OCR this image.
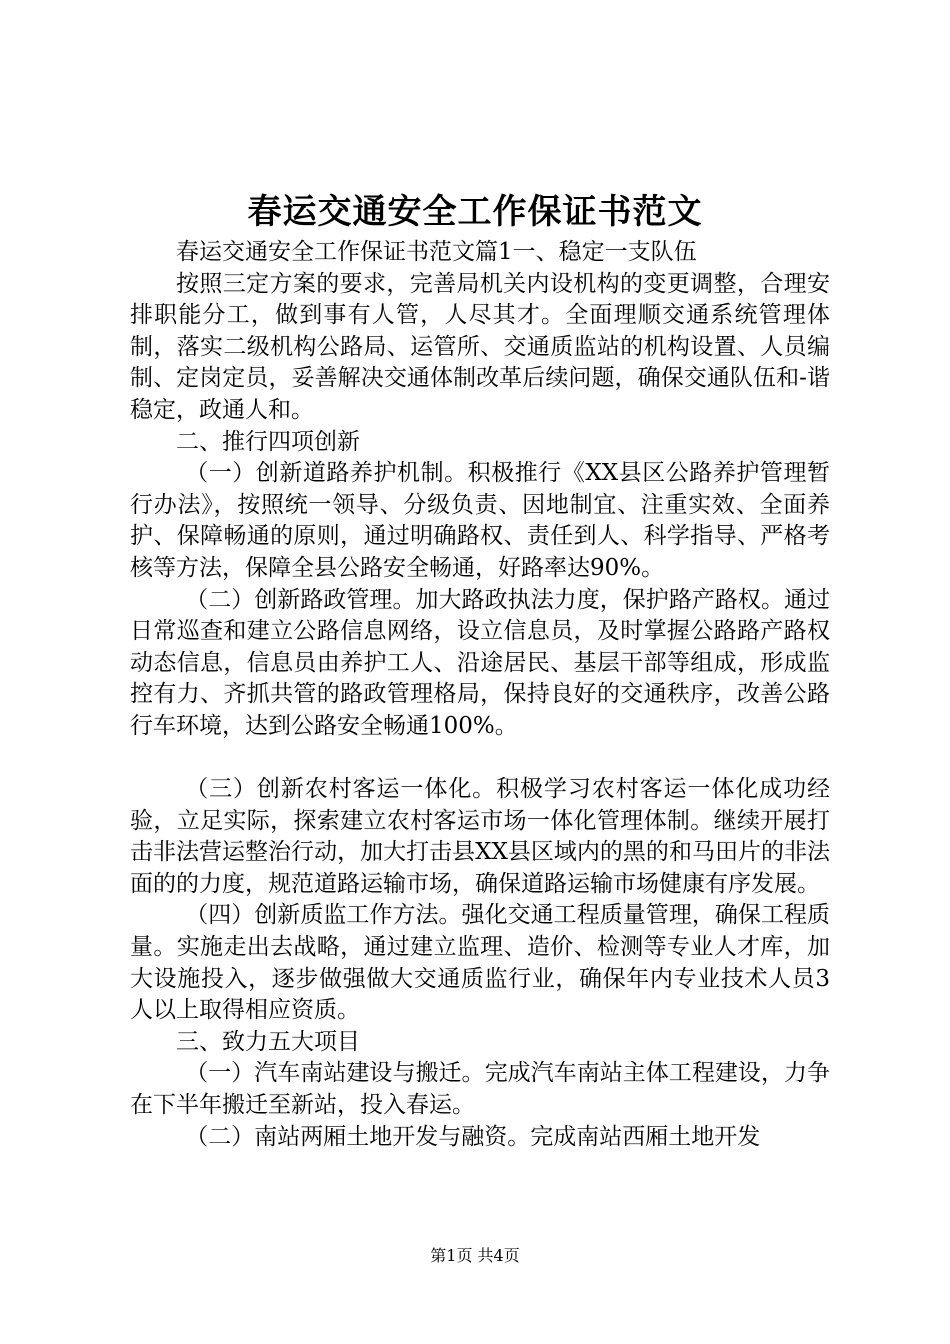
春运交通安全工作保证书范文

春运交通安全工作保证书范文篇1一、稳定一支队伍

按照三定方案的要求，完善局机关内设机构的变更调整，合理安排职能分工，做到事有人管，人尽其才。全面理顺交通系统管理体制，落实二级机构公路局、运管所、交通质监站的机构设置、人员编制、定岗定员，妥善解决交通体制改革后续问题，确保交通队伍和-谐稳定，政通人和。

二、推行四项创新

（一）创新道路养护机制。积极推行《XX县区公路养护管理暂行办法》，按照统一领导、分级负责、因地制宜、注重实效、全面养护、保障畅通的原则，通过明确路权、责任到人、科学指导、严格考核等方法，保障全县公路安全畅通，好路率达90%。

（二）创新路政管理。加大路政执法力度，保护路产路权。通过日常巡查和建立公路信息网络，设立信息员，及时掌握公路路产路权动态信息，信息员由养护工人、沿途居民、基层干部等组成，形成监控有力、齐抓共管的路政管理格局，保持良好的交通秩序，改善公路行车环境，达到公路安全畅通100%。

（三）创新农村客运一体化。积极学习农村客运一体化成功经验，立足实际，探索建立农村客运市场一体化管理体制。继续开展打击非法营运整治行动，加大打击县XX县区域内的黑的和马田片的非法面的的力度，规范道路运输市场，确保道路运输市场健康有序发展。

（四）创新质监工作方法。强化交通工程质量管理，确保工程质量。实施走出去战略，通过建立监理、造价、检测等专业人才库，加大设施投入，逐步做强做大交通质监行业，确保年内专业技术人员3人以上取得相应资质。

三、致力五大项目

（一）汽车南站建设与搬迁。完成汽车南站主体工程建设，力争在下半年搬迁至新站，投入春运。

（二）南站两厢土地开发与融资。完成南站西厢土地开发

第1页 共4页
